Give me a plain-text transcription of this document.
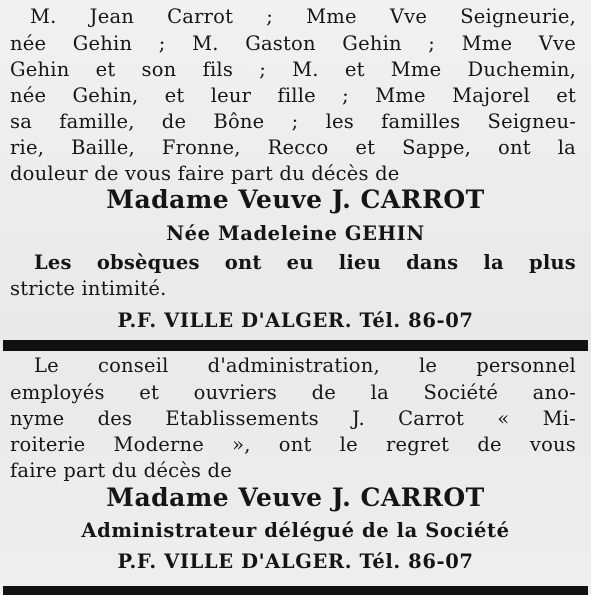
M. Jean Carrot ; Mme Vve Seigneurie,
née Gehin ; M. Gaston Gehin ; Mme Vve
Gehin et son fils ; M. et Mme Duchemin,
née Gehin, et leur fille ; Mme Majorel et
sa famille, de Bône ; les familles Seigneu-
rie, Baille, Fronne, Recco et Sappe, ont la
douleur de vous faire part du décès de
Madame Veuve J. CARROT
Née Madeleine GEHIN
Les obsèques ont eu lieu dans la plus
stricte intimité.
P.F. VILLE D'ALGER. Tél. 86-07
Le conseil d'administration, le personnel
employés et ouvriers de la Société ano-
nyme des Etablissements J. Carrot « Mi-
roiterie Moderne », ont le regret de vous
faire part du décès de
Madame Veuve J. CARROT
Administrateur délégué de la Société
P.F. VILLE D'ALGER. Tél. 86-07
